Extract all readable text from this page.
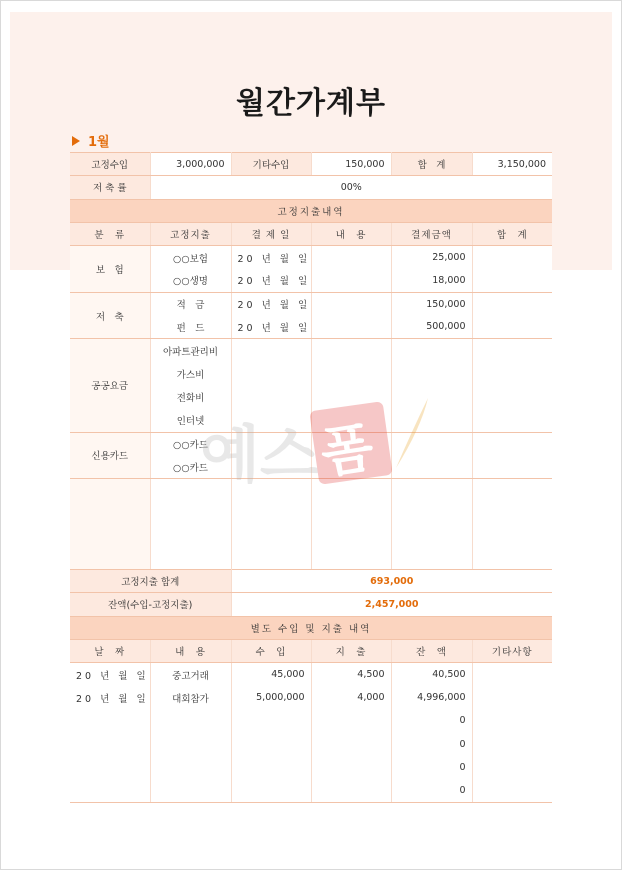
월간가계부
1월
고정수입	3,000,000	기타수입	150,000	합　계	3,150,000
저 축 률	00%				
고정지출내역					
분　류	고정지출	결 제 일	내　용	결제금액	합　계
보　험	○○보험	20 년 월 일		25,000	
	○○생명	20 년 월 일		18,000	
저　축	적　금	20 년 월 일		150,000	
	펀　드	20 년 월 일		500,000	
공공요금	아파트관리비				
	가스비				
	전화비				
	인터넷				
신용카드	○○카드				
	○○카드				

고정지출 합계		693,000			
잔액(수입-고정지출)		2,457,000			
별도 수입 및 지출 내역					
날　짜	내　용	수　입	지　출	잔　액	기타사항
20 년 월 일	중고거래	45,000	4,500	40,500	
20 년 월 일	대회참가	5,000,000	4,000	4,996,000	
				0	
				0	
				0	
				0	
예스
폼
